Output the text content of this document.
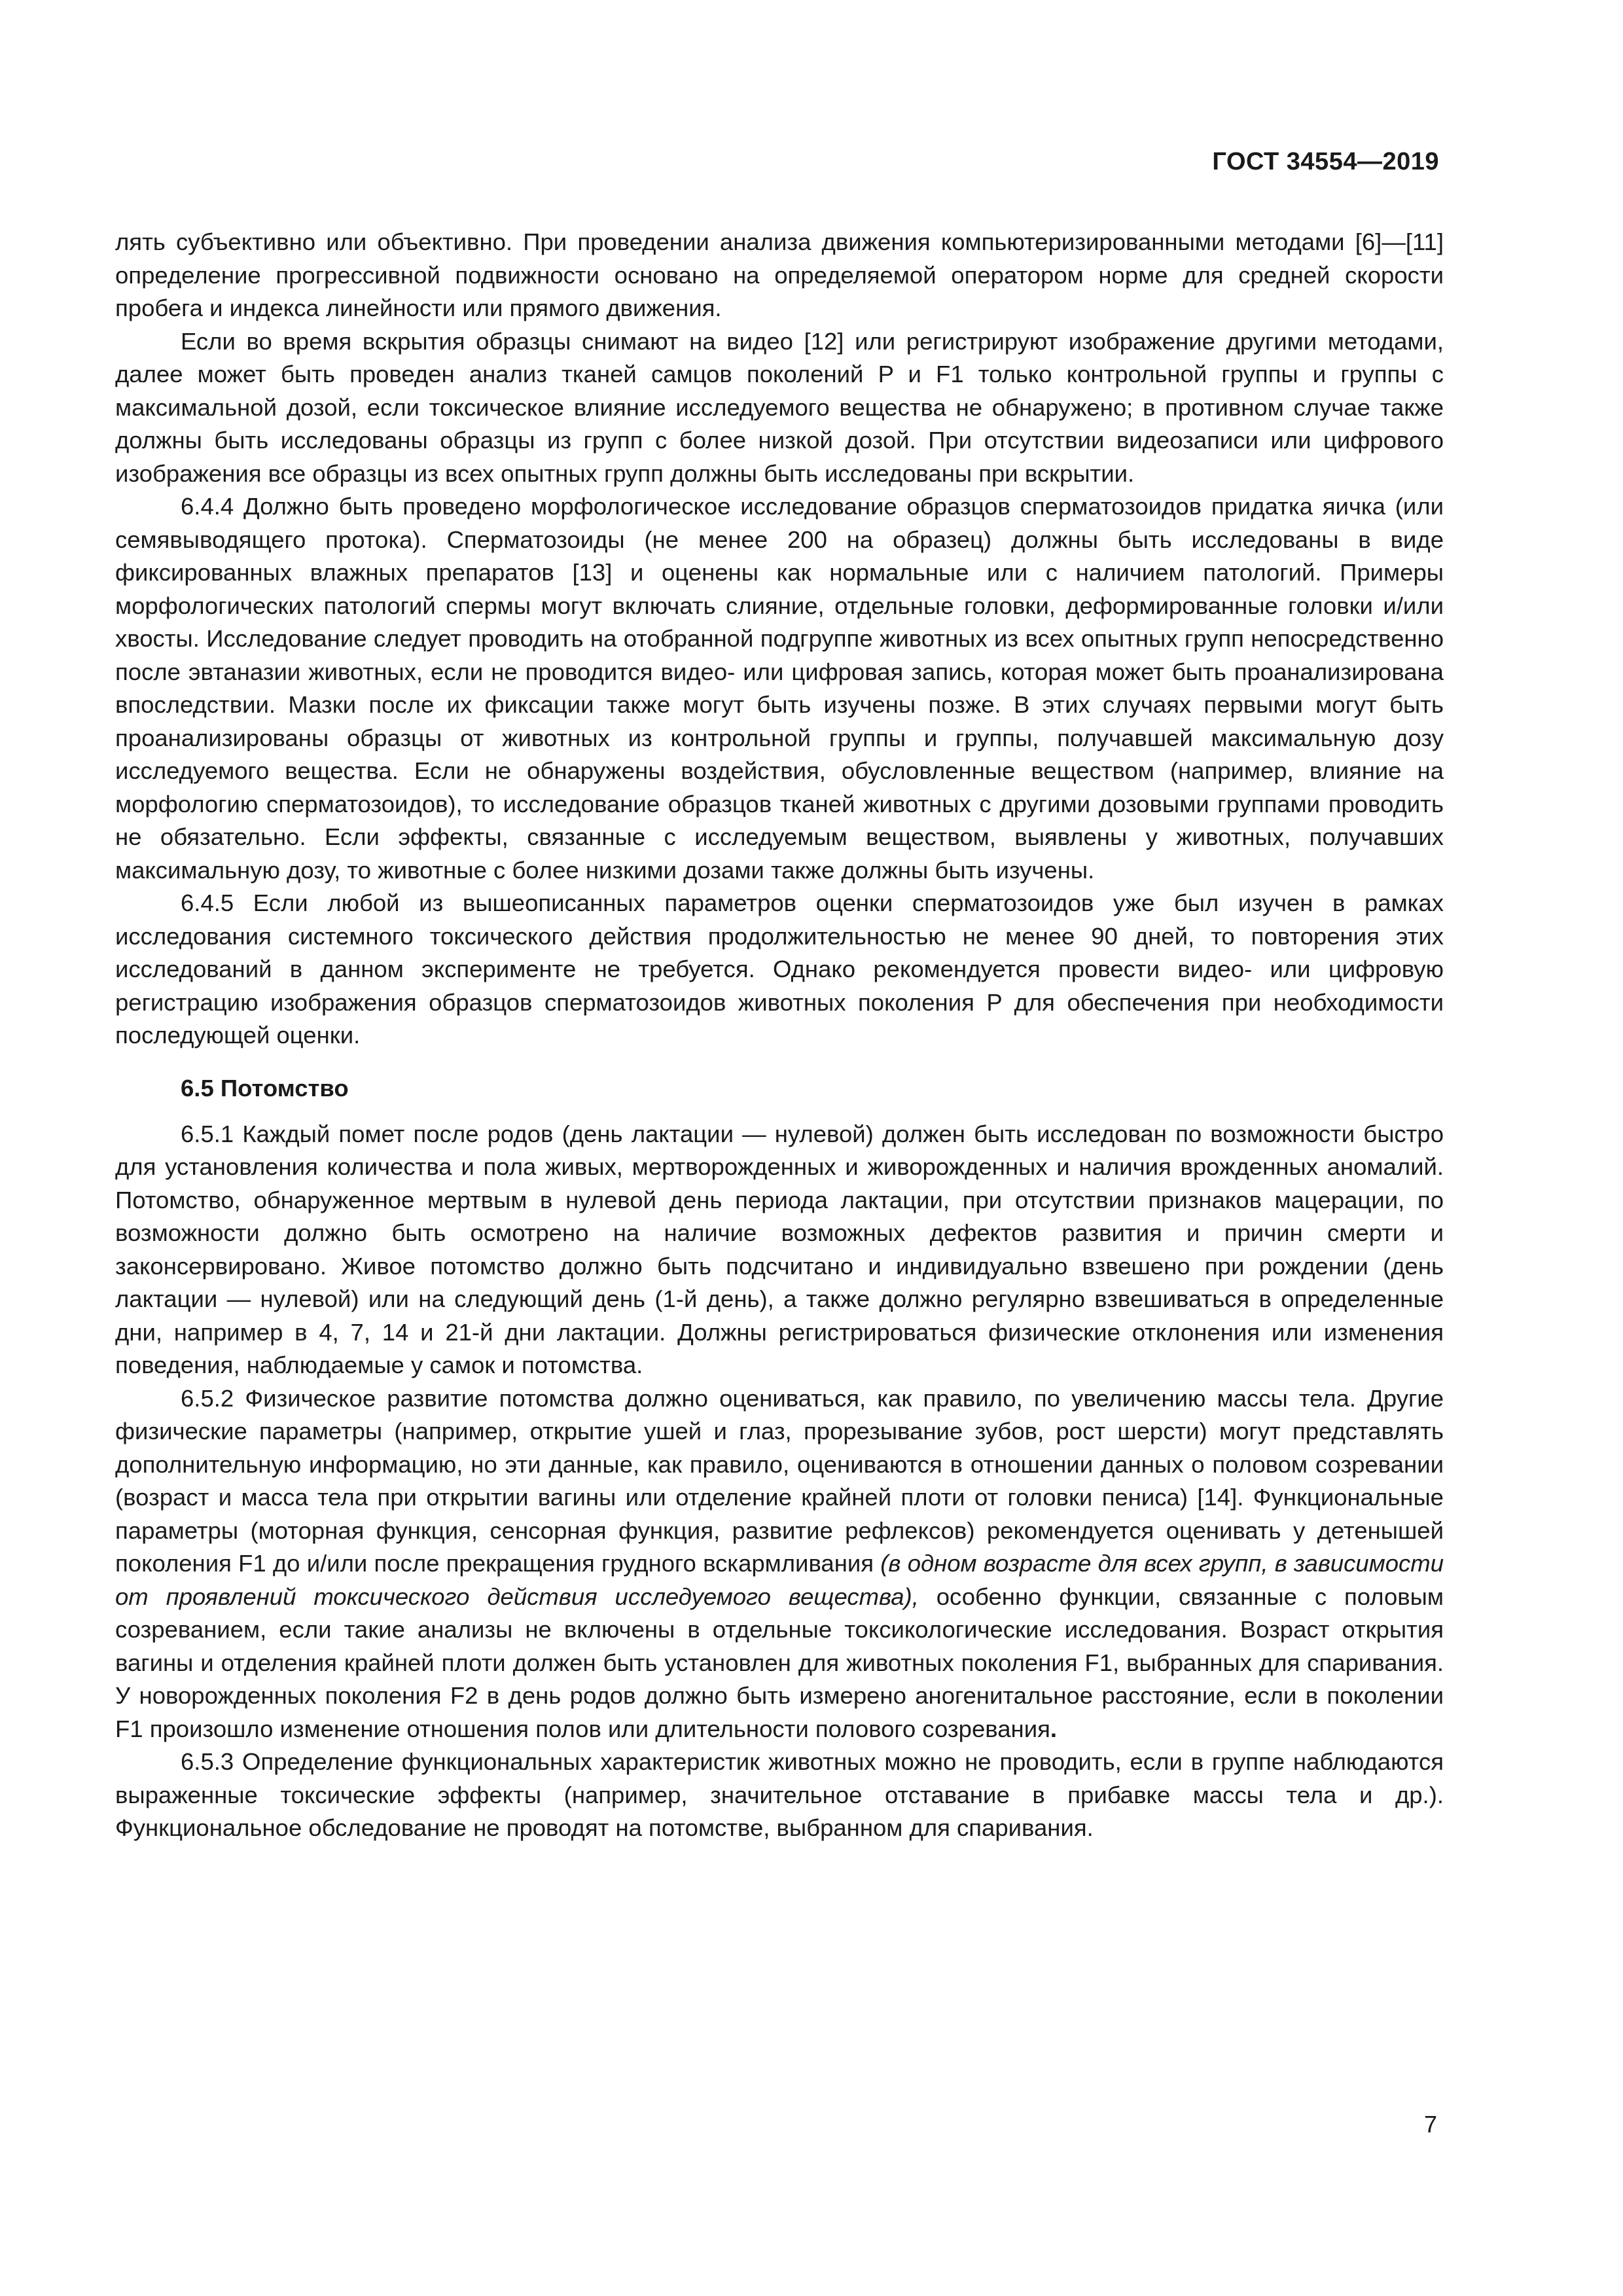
ГОСТ 34554—2019

лять субъективно или объективно. При проведении анализа движения компьютеризированными методами [6]—[11] определение прогрессивной подвижности основано на определяемой оператором норме для средней скорости пробега и индекса линейности или прямого движения.

Если во время вскрытия образцы снимают на видео [12] или регистрируют изображение другими методами, далее может быть проведен анализ тканей самцов поколений P и F1 только контрольной группы и группы с максимальной дозой, если токсическое влияние исследуемого вещества не обнаружено; в противном случае также должны быть исследованы образцы из групп с более низкой дозой. При отсутствии видеозаписи или цифрового изображения все образцы из всех опытных групп должны быть исследованы при вскрытии.

6.4.4 Должно быть проведено морфологическое исследование образцов сперматозоидов придатка яичка (или семявыводящего протока). Сперматозоиды (не менее 200 на образец) должны быть исследованы в виде фиксированных влажных препаратов [13] и оценены как нормальные или с наличием патологий. Примеры морфологических патологий спермы могут включать слияние, отдельные головки, деформированные головки и/или хвосты. Исследование следует проводить на отобранной подгруппе животных из всех опытных групп непосредственно после эвтаназии животных, если не проводится видео- или цифровая запись, которая может быть проанализирована впоследствии. Мазки после их фиксации также могут быть изучены позже. В этих случаях первыми могут быть проанализированы образцы от животных из контрольной группы и группы, получавшей максимальную дозу исследуемого вещества. Если не обнаружены воздействия, обусловленные веществом (например, влияние на морфологию сперматозоидов), то исследование образцов тканей животных с другими дозовыми группами проводить не обязательно. Если эффекты, связанные с исследуемым веществом, выявлены у животных, получавших максимальную дозу, то животные с более низкими дозами также должны быть изучены.

6.4.5 Если любой из вышеописанных параметров оценки сперматозоидов уже был изучен в рамках исследования системного токсического действия продолжительностью не менее 90 дней, то повторения этих исследований в данном эксперименте не требуется. Однако рекомендуется провести видео- или цифровую регистрацию изображения образцов сперматозоидов животных поколения P для обеспечения при необходимости последующей оценки.

6.5 Потомство

6.5.1 Каждый помет после родов (день лактации — нулевой) должен быть исследован по возможности быстро для установления количества и пола живых, мертворожденных и живорожденных и наличия врожденных аномалий. Потомство, обнаруженное мертвым в нулевой день периода лактации, при отсутствии признаков мацерации, по возможности должно быть осмотрено на наличие возможных дефектов развития и причин смерти и законсервировано. Живое потомство должно быть подсчитано и индивидуально взвешено при рождении (день лактации — нулевой) или на следующий день (1-й день), а также должно регулярно взвешиваться в определенные дни, например в 4, 7, 14 и 21-й дни лактации. Должны регистрироваться физические отклонения или изменения поведения, наблюдаемые у самок и потомства.

6.5.2 Физическое развитие потомства должно оцениваться, как правило, по увеличению массы тела. Другие физические параметры (например, открытие ушей и глаз, прорезывание зубов, рост шерсти) могут представлять дополнительную информацию, но эти данные, как правило, оцениваются в отношении данных о половом созревании (возраст и масса тела при открытии вагины или отделение крайней плоти от головки пениса) [14]. Функциональные параметры (моторная функция, сенсорная функция, развитие рефлексов) рекомендуется оценивать у детенышей поколения F1 до и/или после прекращения грудного вскармливания (в одном возрасте для всех групп, в зависимости от проявлений токсического действия исследуемого вещества), особенно функции, связанные с половым созреванием, если такие анализы не включены в отдельные токсикологические исследования. Возраст открытия вагины и отделения крайней плоти должен быть установлен для животных поколения F1, выбранных для спаривания. У новорожденных поколения F2 в день родов должно быть измерено аногенитальное расстояние, если в поколении F1 произошло изменение отношения полов или длительности полового созревания.

6.5.3 Определение функциональных характеристик животных можно не проводить, если в группе наблюдаются выраженные токсические эффекты (например, значительное отставание в прибавке массы тела и др.). Функциональное обследование не проводят на потомстве, выбранном для спаривания.

7
